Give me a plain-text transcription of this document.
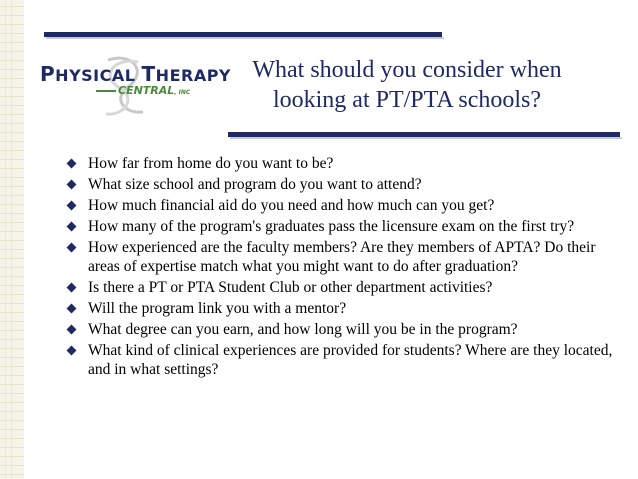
PHYSICAL THERAPY
CENTRAL, INC
What should you consider when
looking at PT/PTA schools?
How far from home do you want to be?
What size school and program do you want to attend?
How much financial aid do you need and how much can you get?
How many of the program's graduates pass the licensure exam on the first try?
How experienced are the faculty members? Are they members of APTA? Do their areas of expertise match what you might want to do after graduation?
Is there a PT or PTA Student Club or other department activities?
Will the program link you with a mentor?
What degree can you earn, and how long will you be in the program?
What kind of clinical experiences are provided for students? Where are they located, and in what settings?
